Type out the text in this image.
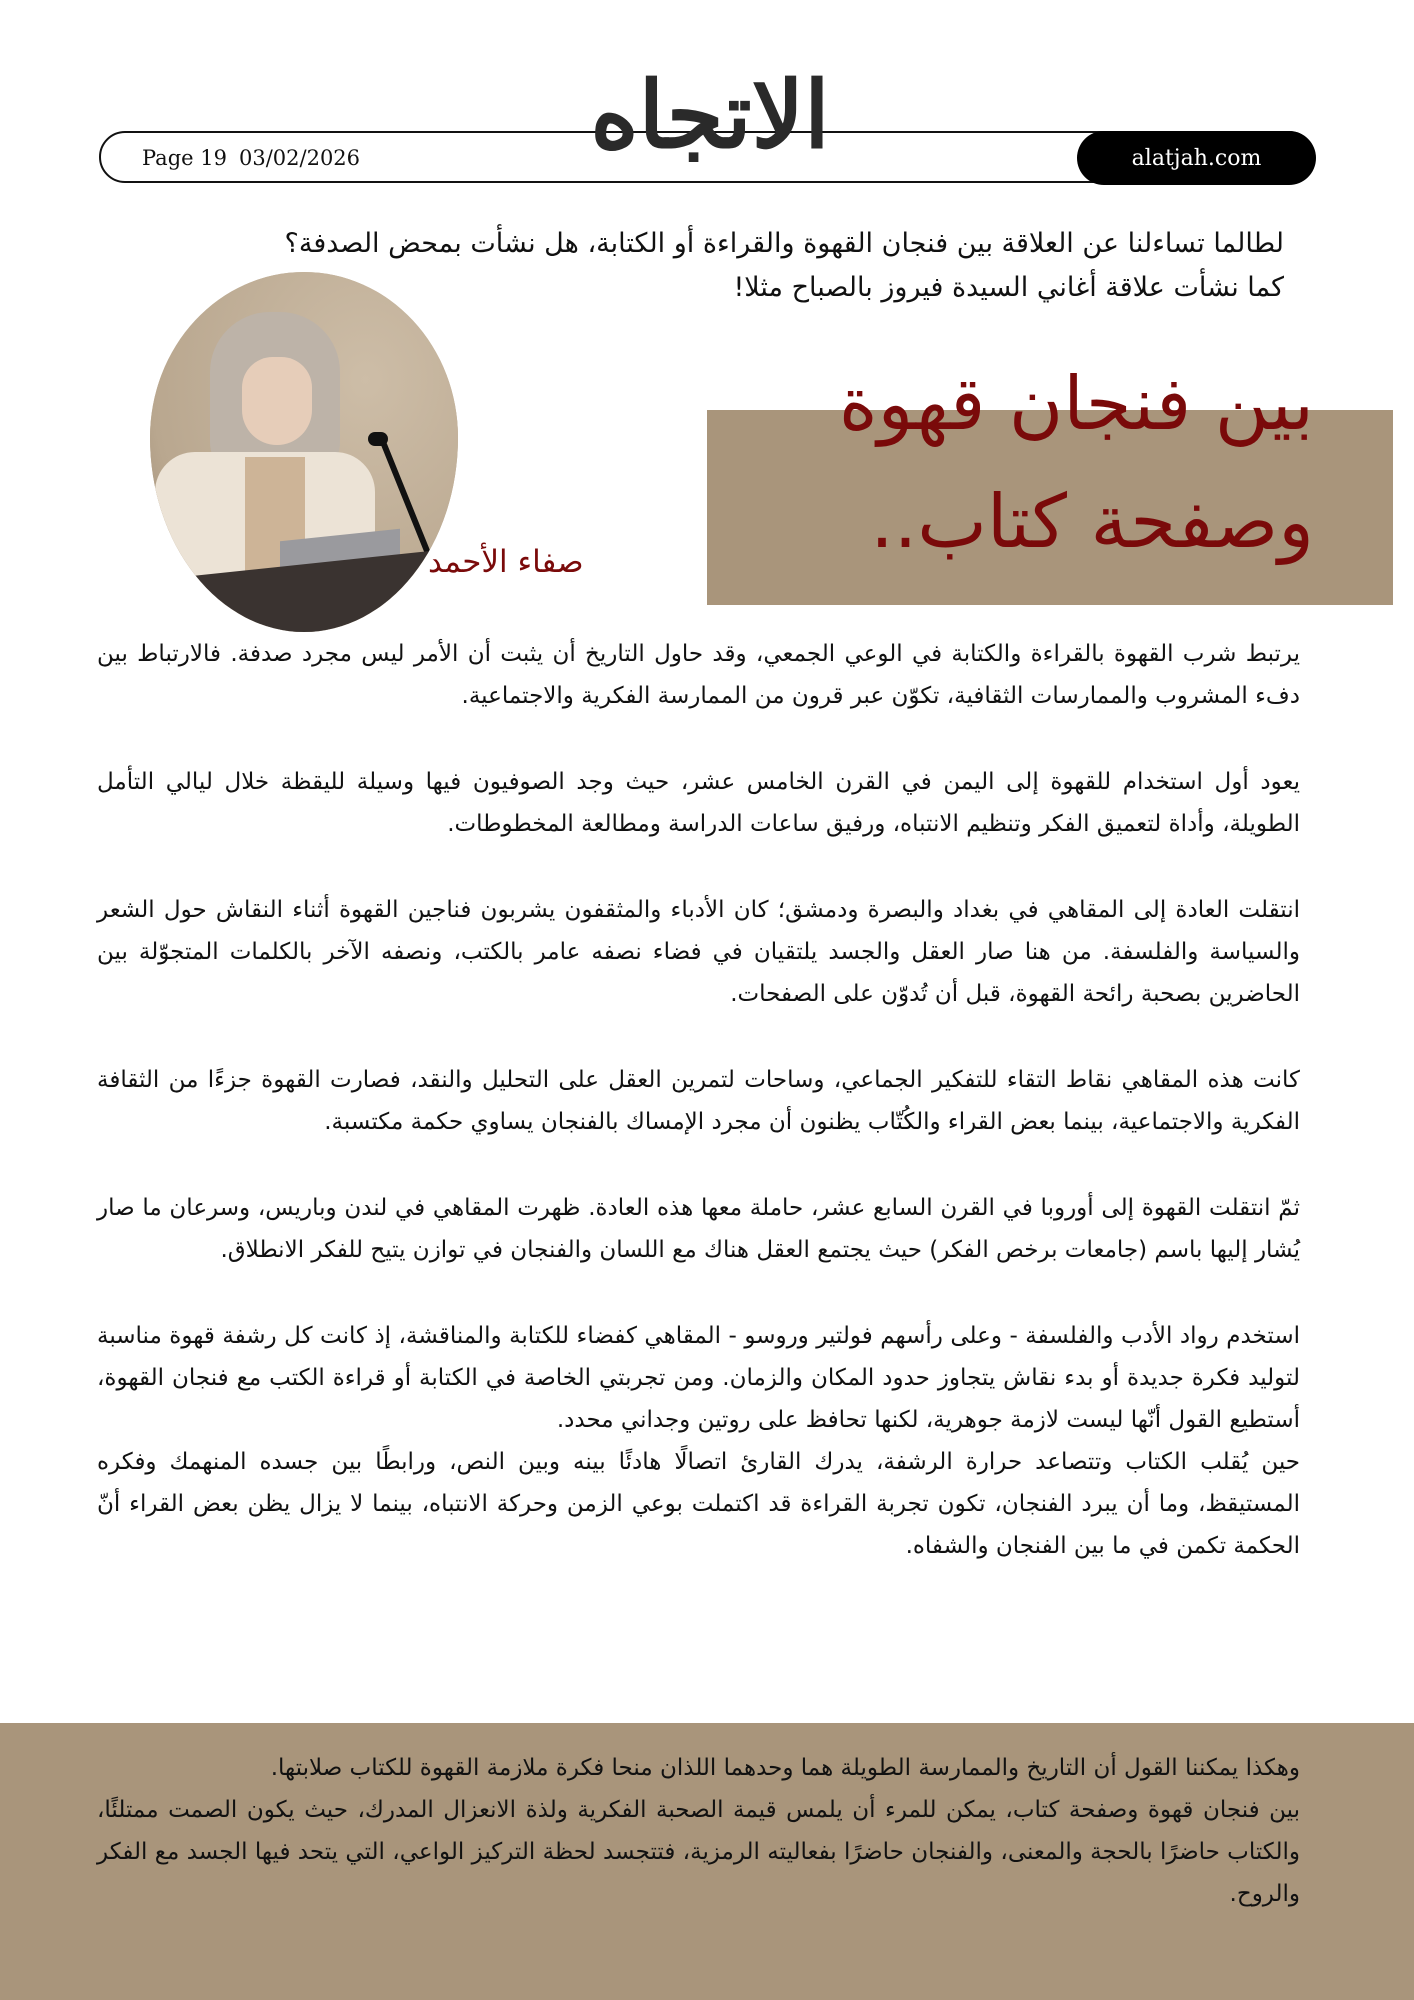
Page 19 03/02/2026	الاتجاه	alatjah.com

لطالما تساءلنا عن العلاقة بين فنجان القهوة والقراءة أو الكتابة، هل نشأت بمحض الصدفة؟

كما نشأت علاقة أغاني السيدة فيروز بالصباح مثلا!

صفاء الأحمد

بين فنجان قهوة

وصفحة كتاب..

يرتبط شرب القهوة بالقراءة والكتابة في الوعي الجمعي، وقد حاول التاريخ أن يثبت أن الأمر ليس مجرد صدفة. فالارتباط بين دفء المشروب والممارسات الثقافية، تكوّن عبر قرون من الممارسة الفكرية والاجتماعية.

يعود أول استخدام للقهوة إلى اليمن في القرن الخامس عشر، حيث وجد الصوفيون فيها وسيلة لليقظة خلال ليالي التأمل الطويلة، وأداة لتعميق الفكر وتنظيم الانتباه، ورفيق ساعات الدراسة ومطالعة المخطوطات.

انتقلت العادة إلى المقاهي في بغداد والبصرة ودمشق؛ كان الأدباء والمثقفون يشربون فناجين القهوة أثناء النقاش حول الشعر والسياسة والفلسفة. من هنا صار العقل والجسد يلتقيان في فضاء نصفه عامر بالكتب، ونصفه الآخر بالكلمات المتجوّلة بين الحاضرين بصحبة رائحة القهوة، قبل أن تُدوّن على الصفحات.

كانت هذه المقاهي نقاط التقاء للتفكير الجماعي، وساحات لتمرين العقل على التحليل والنقد، فصارت القهوة جزءًا من الثقافة الفكرية والاجتماعية، بينما بعض القراء والكُتّاب يظنون أن مجرد الإمساك بالفنجان يساوي حكمة مكتسبة.

ثمّ انتقلت القهوة إلى أوروبا في القرن السابع عشر، حاملة معها هذه العادة. ظهرت المقاهي في لندن وباريس، وسرعان ما صار يُشار إليها باسم (جامعات برخص الفكر) حيث يجتمع العقل هناك مع اللسان والفنجان في توازن يتيح للفكر الانطلاق.

استخدم رواد الأدب والفلسفة - وعلى رأسهم فولتير وروسو - المقاهي كفضاء للكتابة والمناقشة، إذ كانت كل رشفة قهوة مناسبة لتوليد فكرة جديدة أو بدء نقاش يتجاوز حدود المكان والزمان. ومن تجربتي الخاصة في الكتابة أو قراءة الكتب مع فنجان القهوة، أستطيع القول أنّها ليست لازمة جوهرية، لكنها تحافظ على روتين وجداني محدد.

حين يُقلب الكتاب وتتصاعد حرارة الرشفة، يدرك القارئ اتصالًا هادئًا بينه وبين النص، ورابطًا بين جسده المنهمك وفكره المستيقظ، وما أن يبرد الفنجان، تكون تجربة القراءة قد اكتملت بوعي الزمن وحركة الانتباه، بينما لا يزال يظن بعض القراء أنّ الحكمة تكمن في ما بين الفنجان والشفاه.

وهكذا يمكننا القول أن التاريخ والممارسة الطويلة هما وحدهما اللذان منحا فكرة ملازمة القهوة للكتاب صلابتها.

بين فنجان قهوة وصفحة كتاب، يمكن للمرء أن يلمس قيمة الصحبة الفكرية ولذة الانعزال المدرك، حيث يكون الصمت ممتلئًا، والكتاب حاضرًا بالحجة والمعنى، والفنجان حاضرًا بفعاليته الرمزية، فتتجسد لحظة التركيز الواعي، التي يتحد فيها الجسد مع الفكر والروح.
